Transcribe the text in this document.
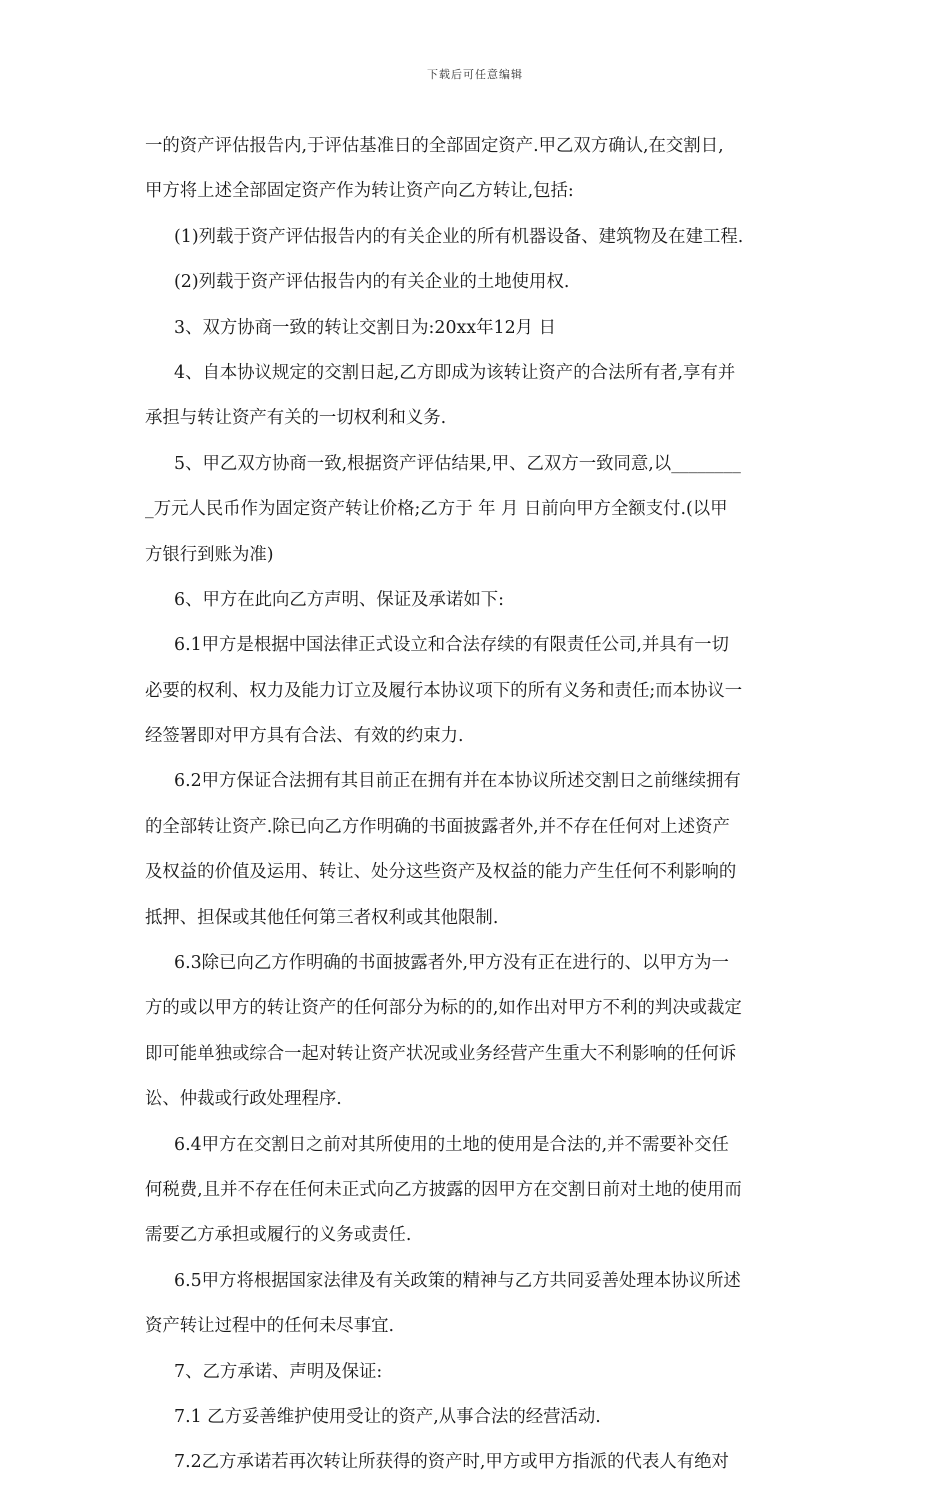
下载后可任意编辑
一的资产评估报告内,于评估基准日的全部固定资产.甲乙双方确认,在交割日,
甲方将上述全部固定资产作为转让资产向乙方转让,包括:
(1)列载于资产评估报告内的有关企业的所有机器设备、建筑物及在建工程.
(2)列载于资产评估报告内的有关企业的土地使用权.
3、双方协商一致的转让交割日为:20xx年12月 日
4、自本协议规定的交割日起,乙方即成为该转让资产的合法所有者,享有并
承担与转让资产有关的一切权利和义务.
5、甲乙双方协商一致,根据资产评估结果,甲、乙双方一致同意,以________
_万元人民币作为固定资产转让价格;乙方于 年 月 日前向甲方全额支付.(以甲
方银行到账为准)
6、甲方在此向乙方声明、保证及承诺如下:
6.1甲方是根据中国法律正式设立和合法存续的有限责任公司,并具有一切
必要的权利、权力及能力订立及履行本协议项下的所有义务和责任;而本协议一
经签署即对甲方具有合法、有效的约束力.
6.2甲方保证合法拥有其目前正在拥有并在本协议所述交割日之前继续拥有
的全部转让资产.除已向乙方作明确的书面披露者外,并不存在任何对上述资产
及权益的价值及运用、转让、处分这些资产及权益的能力产生任何不利影响的
抵押、担保或其他任何第三者权利或其他限制.
6.3除已向乙方作明确的书面披露者外,甲方没有正在进行的、以甲方为一
方的或以甲方的转让资产的任何部分为标的的,如作出对甲方不利的判决或裁定
即可能单独或综合一起对转让资产状况或业务经营产生重大不利影响的任何诉
讼、仲裁或行政处理程序.
6.4甲方在交割日之前对其所使用的土地的使用是合法的,并不需要补交任
何税费,且并不存在任何未正式向乙方披露的因甲方在交割日前对土地的使用而
需要乙方承担或履行的义务或责任.
6.5甲方将根据国家法律及有关政策的精神与乙方共同妥善处理本协议所述
资产转让过程中的任何未尽事宜.
7、乙方承诺、声明及保证:
7.1 乙方妥善维护使用受让的资产,从事合法的经营活动.
7.2乙方承诺若再次转让所获得的资产时,甲方或甲方指派的代表人有绝对
